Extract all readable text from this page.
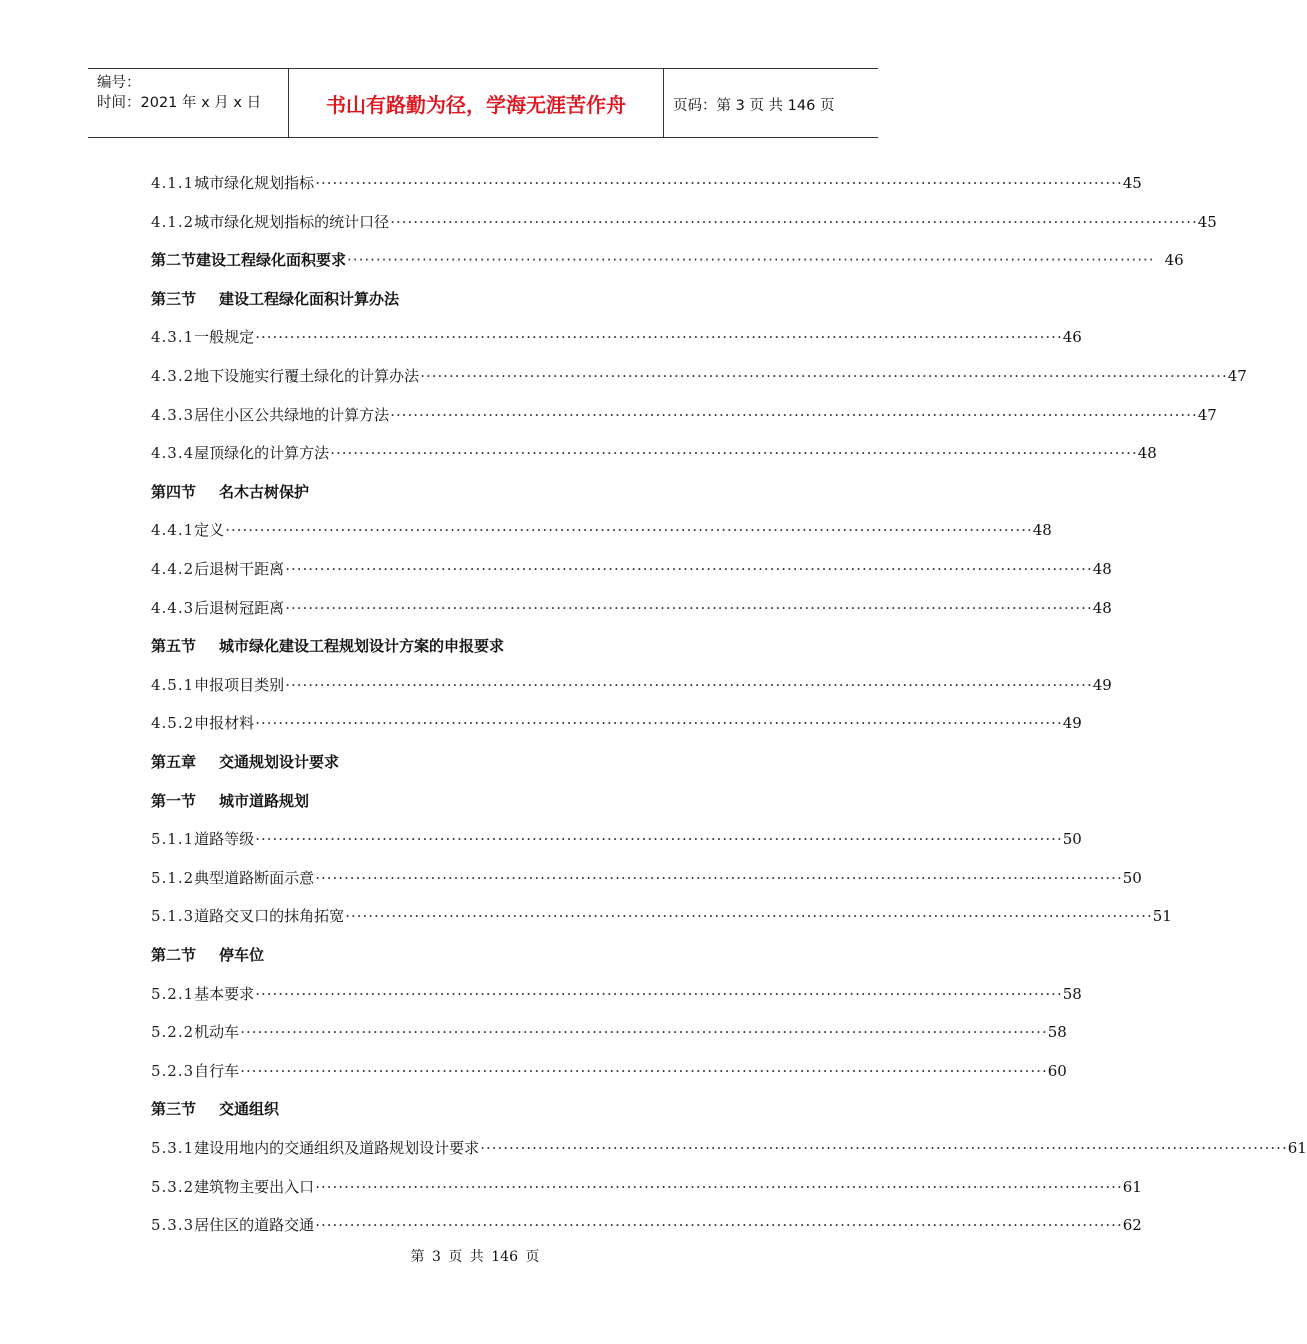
编号：
时间：2021 年 x 月 x 日	书山有路勤为径，学海无涯苦作舟	页码：第 3 页 共 146 页
4.1.1 城市绿化规划指标 ············································································································································ 45
4.1.2 城市绿化规划指标的统计口径 ············································································································································ 45
第二节 建设工程绿化面积要求 ············································································································································ 46
第三节 建设工程绿化面积计算办法
4.3.1 一般规定 ············································································································································ 46
4.3.2 地下设施实行覆土绿化的计算办法 ············································································································································ 47
4.3.3 居住小区公共绿地的计算方法 ············································································································································ 47
4.3.4 屋顶绿化的计算方法 ············································································································································ 48
第四节 名木古树保护
4.4.1 定义 ············································································································································ 48
4.4.2 后退树干距离 ············································································································································ 48
4.4.3 后退树冠距离 ············································································································································ 48
第五节 城市绿化建设工程规划设计方案的申报要求
4.5.1 申报项目类别 ············································································································································ 49
4.5.2 申报材料 ············································································································································ 49
第五章 交通规划设计要求
第一节 城市道路规划
5.1.1 道路等级 ············································································································································ 50
5.1.2 典型道路断面示意 ············································································································································ 50
5.1.3 道路交叉口的抹角拓宽 ············································································································································ 51
第二节 停车位
5.2.1 基本要求 ············································································································································ 58
5.2.2 机动车 ············································································································································ 58
5.2.3 自行车 ············································································································································ 60
第三节 交通组织
5.3.1 建设用地内的交通组织及道路规划设计要求 ············································································································································ 61
5.3.2 建筑物主要出入口 ············································································································································ 61
5.3.3 居住区的道路交通 ············································································································································ 62
第 3 页 共 146 页
